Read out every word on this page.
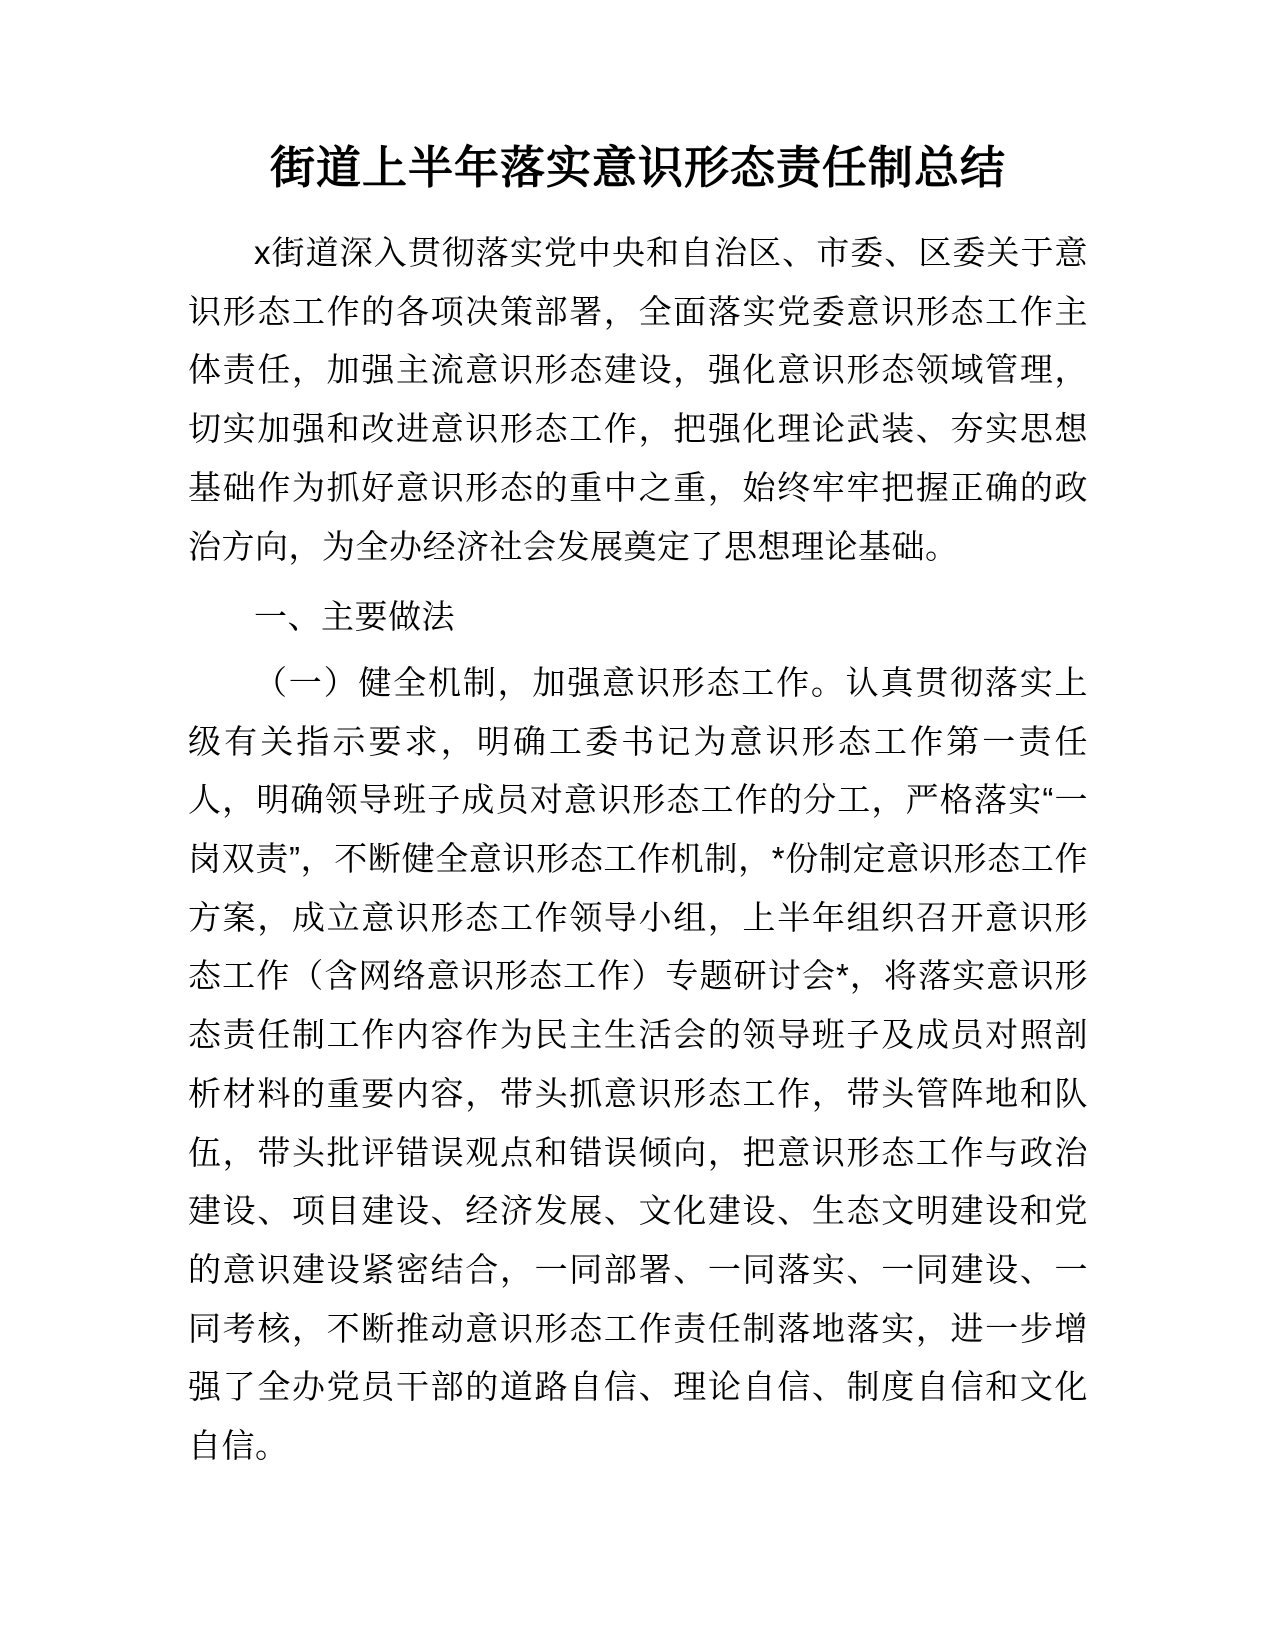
街道上半年落实意识形态责任制总结

x街道深入贯彻落实党中央和自治区、市委、区委关于意识形态工作的各项决策部署，全面落实党委意识形态工作主体责任，加强主流意识形态建设，强化意识形态领域管理，切实加强和改进意识形态工作，把强化理论武装、夯实思想基础作为抓好意识形态的重中之重，始终牢牢把握正确的政治方向，为全办经济社会发展奠定了思想理论基础。

一、主要做法

（一）健全机制，加强意识形态工作。认真贯彻落实上级有关指示要求，明确工委书记为意识形态工作第一责任人，明确领导班子成员对意识形态工作的分工，严格落实“一岗双责”，不断健全意识形态工作机制，*份制定意识形态工作方案，成立意识形态工作领导小组，上半年组织召开意识形态工作（含网络意识形态工作）专题研讨会*，将落实意识形态责任制工作内容作为民主生活会的领导班子及成员对照剖析材料的重要内容，带头抓意识形态工作，带头管阵地和队伍，带头批评错误观点和错误倾向，把意识形态工作与政治建设、项目建设、经济发展、文化建设、生态文明建设和党的意识建设紧密结合，一同部署、一同落实、一同建设、一同考核，不断推动意识形态工作责任制落地落实，进一步增强了全办党员干部的道路自信、理论自信、制度自信和文化自信。
